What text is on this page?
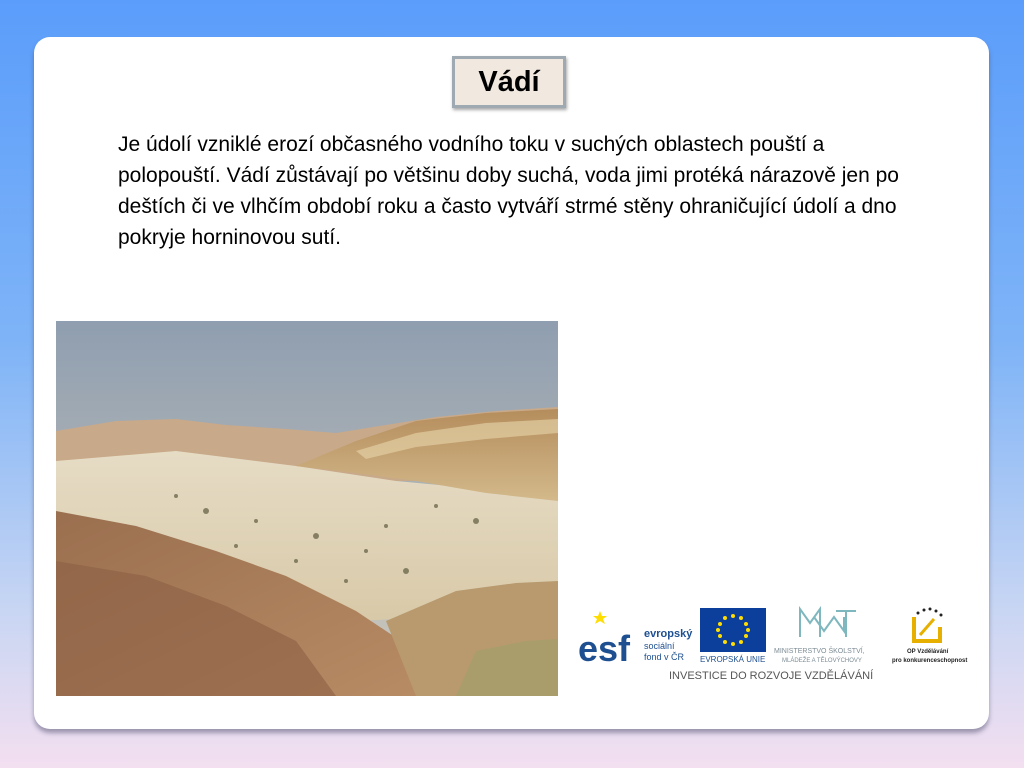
Vádí

Je údolí vzniklé erozí občasného vodního toku v suchých oblastech pouští a polopouští. Vádí zůstávají po většinu doby suchá, voda jimi protéká nárazově jen po deštích či ve vlhčím období roku a často vytváří strmé stěny ohraničující údolí a dno pokryje horninovou sutí.

esf evropský
sociální
fond v ČR EVROPSKÁ UNIE
MINISTERSTVO ŠKOLSTVÍ,
MLÁDEŽE A TĚLOVÝCHOVY
OP Vzdělávání
pro konkurenceschopnost
INVESTICE DO ROZVOJE VZDĚLÁVÁNÍ
